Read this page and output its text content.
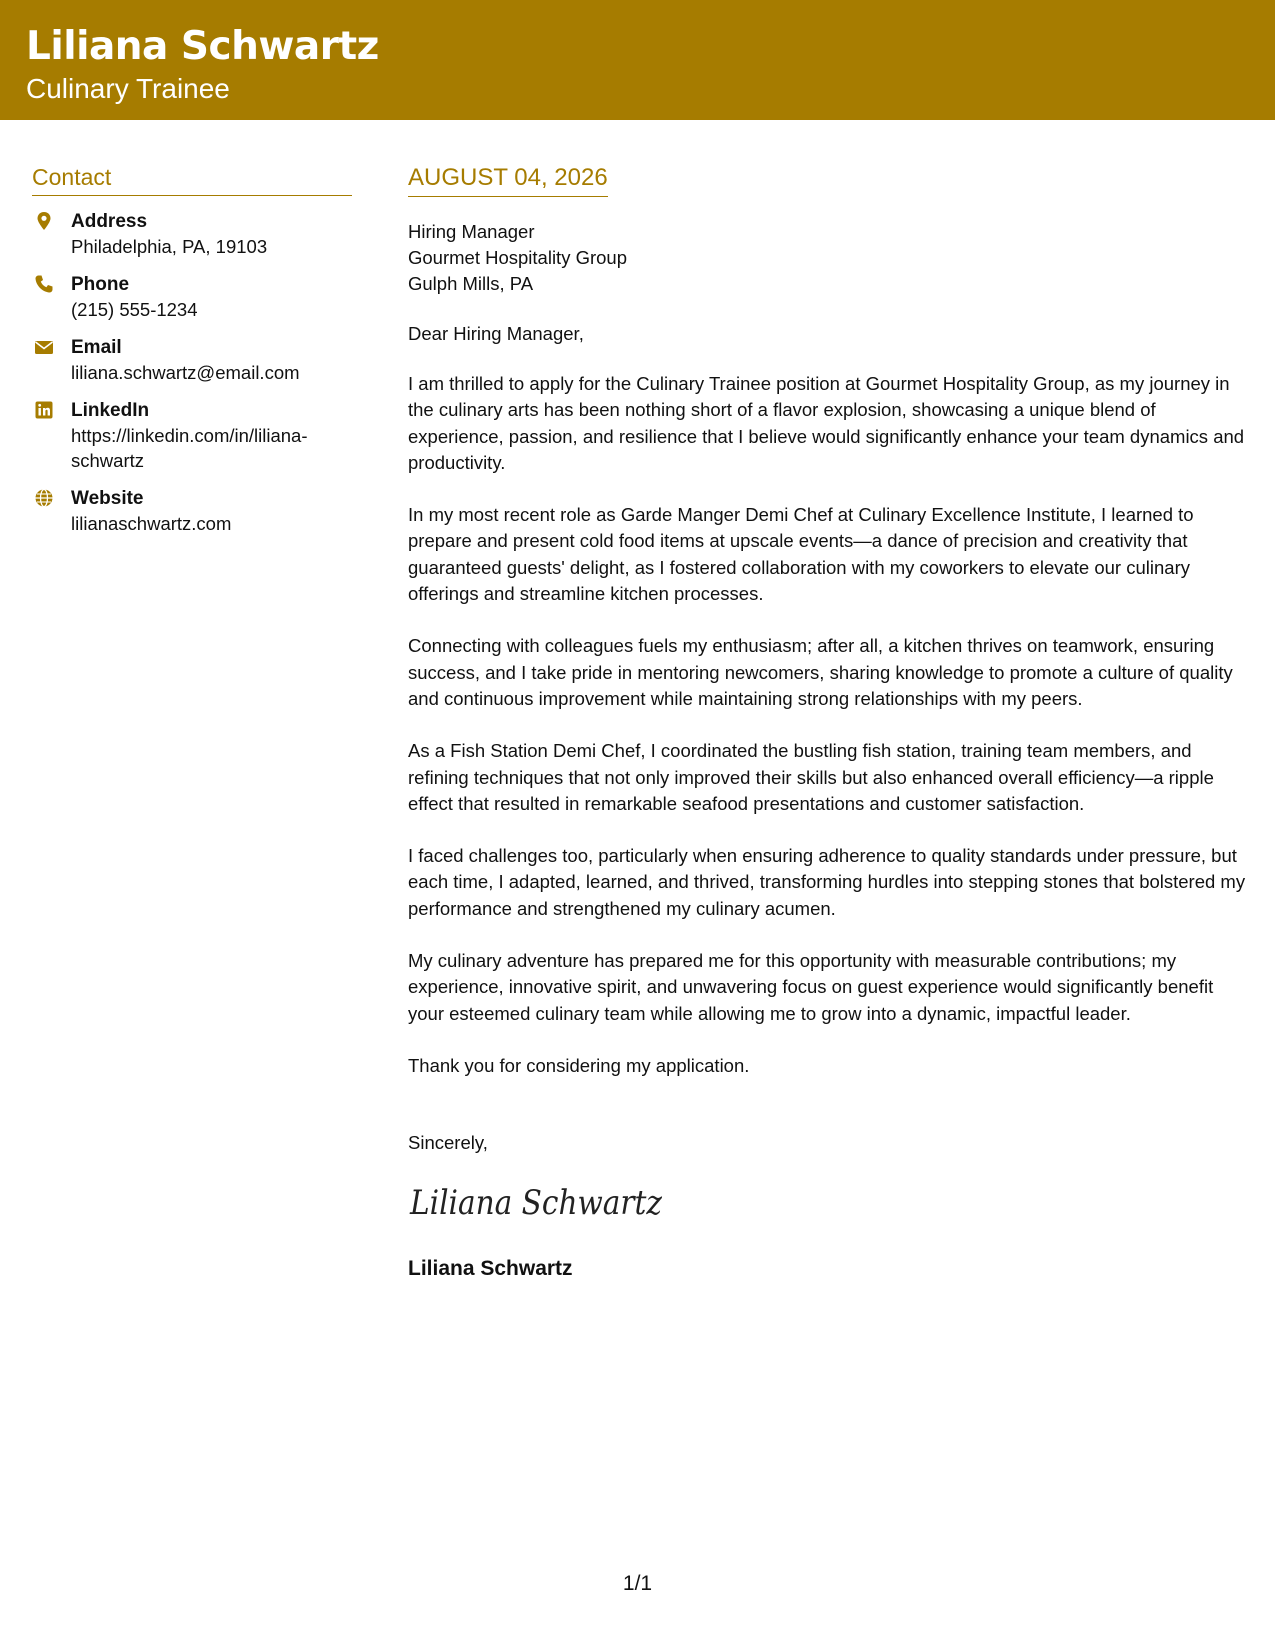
Liliana Schwartz
Culinary Trainee
Contact
Address
Philadelphia, PA, 19103
Phone
(215) 555-1234
Email
liliana.schwartz@email.com
LinkedIn
https://linkedin.com/in/liliana-schwartz
Website
lilianaschwartz.com
AUGUST 04, 2026
Hiring Manager
Gourmet Hospitality Group
Gulph Mills, PA
Dear Hiring Manager,

I am thrilled to apply for the Culinary Trainee position at Gourmet Hospitality Group, as my journey in the culinary arts has been nothing short of a flavor explosion, showcasing a unique blend of experience, passion, and resilience that I believe would significantly enhance your team dynamics and productivity.

In my most recent role as Garde Manger Demi Chef at Culinary Excellence Institute, I learned to prepare and present cold food items at upscale events—a dance of precision and creativity that guaranteed guests' delight, as I fostered collaboration with my coworkers to elevate our culinary offerings and streamline kitchen processes.

Connecting with colleagues fuels my enthusiasm; after all, a kitchen thrives on teamwork, ensuring success, and I take pride in mentoring newcomers, sharing knowledge to promote a culture of quality and continuous improvement while maintaining strong relationships with my peers.

As a Fish Station Demi Chef, I coordinated the bustling fish station, training team members, and refining techniques that not only improved their skills but also enhanced overall efficiency—a ripple effect that resulted in remarkable seafood presentations and customer satisfaction.

I faced challenges too, particularly when ensuring adherence to quality standards under pressure, but each time, I adapted, learned, and thrived, transforming hurdles into stepping stones that bolstered my performance and strengthened my culinary acumen.

My culinary adventure has prepared me for this opportunity with measurable contributions; my experience, innovative spirit, and unwavering focus on guest experience would significantly benefit your esteemed culinary team while allowing me to grow into a dynamic, impactful leader.

Thank you for considering my application.

Sincerely,
Liliana Schwartz
Liliana Schwartz
1/1
